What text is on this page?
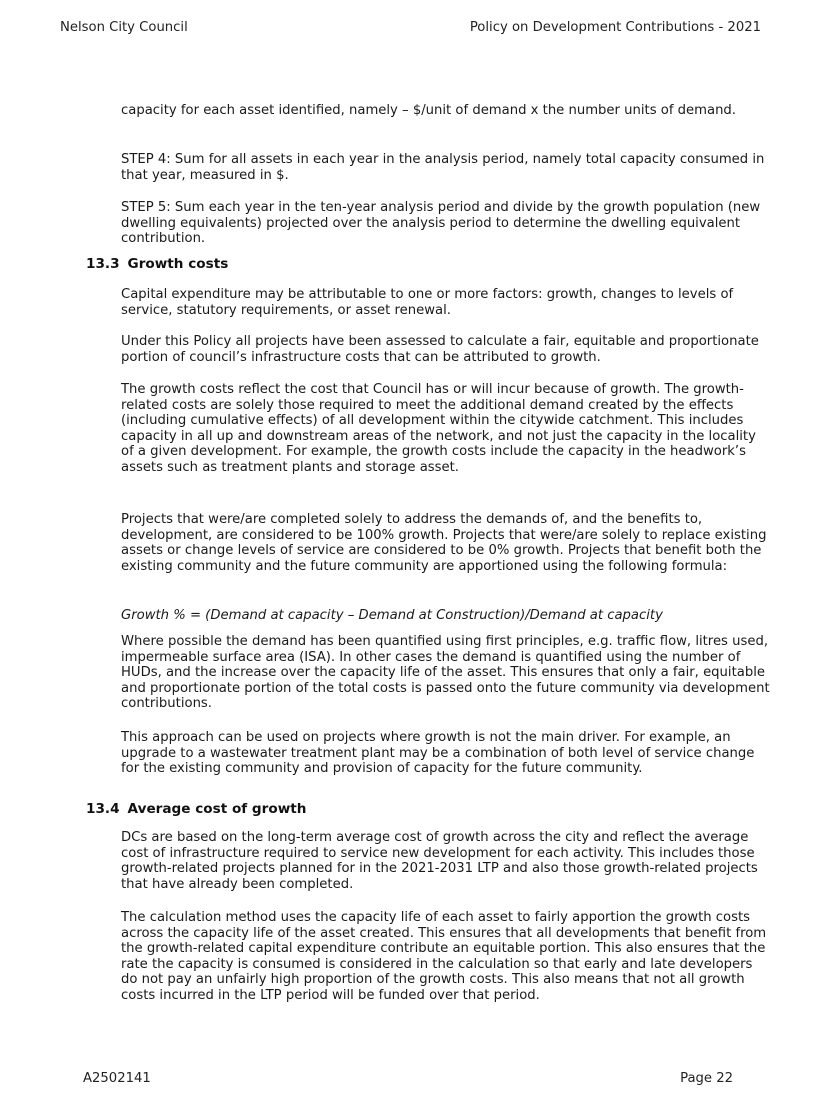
Nelson City Council	Policy on Development Contributions - 2021

capacity for each asset identified, namely – $/unit of demand x the number units of demand.

STEP 4: Sum for all assets in each year in the analysis period, namely total capacity consumed in that year, measured in $.

STEP 5: Sum each year in the ten-year analysis period and divide by the growth population (new dwelling equivalents) projected over the analysis period to determine the dwelling equivalent contribution.

13.3 Growth costs

Capital expenditure may be attributable to one or more factors: growth, changes to levels of service, statutory requirements, or asset renewal.

Under this Policy all projects have been assessed to calculate a fair, equitable and proportionate portion of council’s infrastructure costs that can be attributed to growth.

The growth costs reflect the cost that Council has or will incur because of growth. The growth-related costs are solely those required to meet the additional demand created by the effects (including cumulative effects) of all development within the citywide catchment. This includes capacity in all up and downstream areas of the network, and not just the capacity in the locality of a given development. For example, the growth costs include the capacity in the headwork’s assets such as treatment plants and storage asset.

Projects that were/are completed solely to address the demands of, and the benefits to, development, are considered to be 100% growth. Projects that were/are solely to replace existing assets or change levels of service are considered to be 0% growth. Projects that benefit both the existing community and the future community are apportioned using the following formula:

Growth % = (Demand at capacity – Demand at Construction)/Demand at capacity

Where possible the demand has been quantified using first principles, e.g. traffic flow, litres used, impermeable surface area (ISA). In other cases the demand is quantified using the number of HUDs, and the increase over the capacity life of the asset. This ensures that only a fair, equitable and proportionate portion of the total costs is passed onto the future community via development contributions.

This approach can be used on projects where growth is not the main driver. For example, an upgrade to a wastewater treatment plant may be a combination of both level of service change for the existing community and provision of capacity for the future community.

13.4 Average cost of growth

DCs are based on the long-term average cost of growth across the city and reflect the average cost of infrastructure required to service new development for each activity. This includes those growth-related projects planned for in the 2021-2031 LTP and also those growth-related projects that have already been completed.

The calculation method uses the capacity life of each asset to fairly apportion the growth costs across the capacity life of the asset created. This ensures that all developments that benefit from the growth-related capital expenditure contribute an equitable portion. This also ensures that the rate the capacity is consumed is considered in the calculation so that early and late developers do not pay an unfairly high proportion of the growth costs. This also means that not all growth costs incurred in the LTP period will be funded over that period.

A2502141	Page 22
